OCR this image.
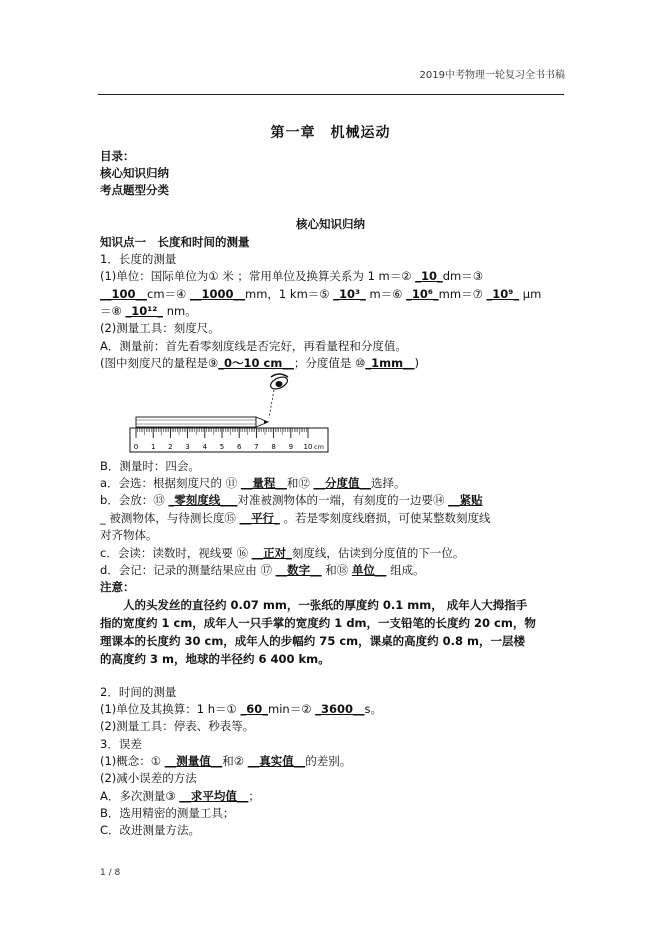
2019中考物理一轮复习全书书稿
第一章　机械运动
目录：
核心知识归纳
考点题型分类
核心知识归纳
知识点一　长度和时间的测量
1．长度的测量
(1)单位：国际单位为① 米 ；常用单位及换算关系为 1 m＝② _10_dm＝③
__100__cm＝④ __1000__mm，1 km＝⑤ _10³_ m＝⑥ _10⁶_mm＝⑦ _10⁹_ μm
＝⑧ _10¹²_ nm。
(2)测量工具：刻度尺。
A．测量前：首先看零刻度线是否完好，再看量程和分度值。
(图中刻度尺的量程是⑨_0～10 cm__；分度值是 ⑩_1mm__)
0 1 2 3 4 5 6 7 8 9 10 cm
B．测量时：四会。
a．会选：根据刻度尺的 ⑪ __量程__和⑫ __分度值__选择。
b．会放：⑬ _零刻度线___对准被测物体的一端，有刻度的一边要⑭ __紧贴
_ 被测物体，与待测长度⑮ __平行_ 。若是零刻度线磨损，可使某整数刻度线
对齐物体。
c．会读：读数时，视线要 ⑯ __正对_刻度线，估读到分度值的下一位。
d．会记：记录的测量结果应由 ⑰ __数字__ 和⑱ 单位__ 组成。
注意：
　　人的头发丝的直径约 0.07 mm，一张纸的厚度约 0.1 mm， 成年人大拇指手
指的宽度约 1 cm，成年人一只手掌的宽度约 1 dm，一支铅笔的长度约 20 cm，物
理课本的长度约 30 cm，成年人的步幅约 75 cm，课桌的高度约 0.8 m，一层楼
的高度约 3 m，地球的半径约 6 400 km。
2．时间的测量
(1)单位及其换算：1 h＝① _60_min＝② _3600__s。
(2)测量工具：停表、秒表等。
3．误差
(1)概念：① __测量值__和② __真实值__的差别。
(2)减小误差的方法
A．多次测量③ __求平均值__；
B．选用精密的测量工具；
C．改进测量方法。
1 / 8
